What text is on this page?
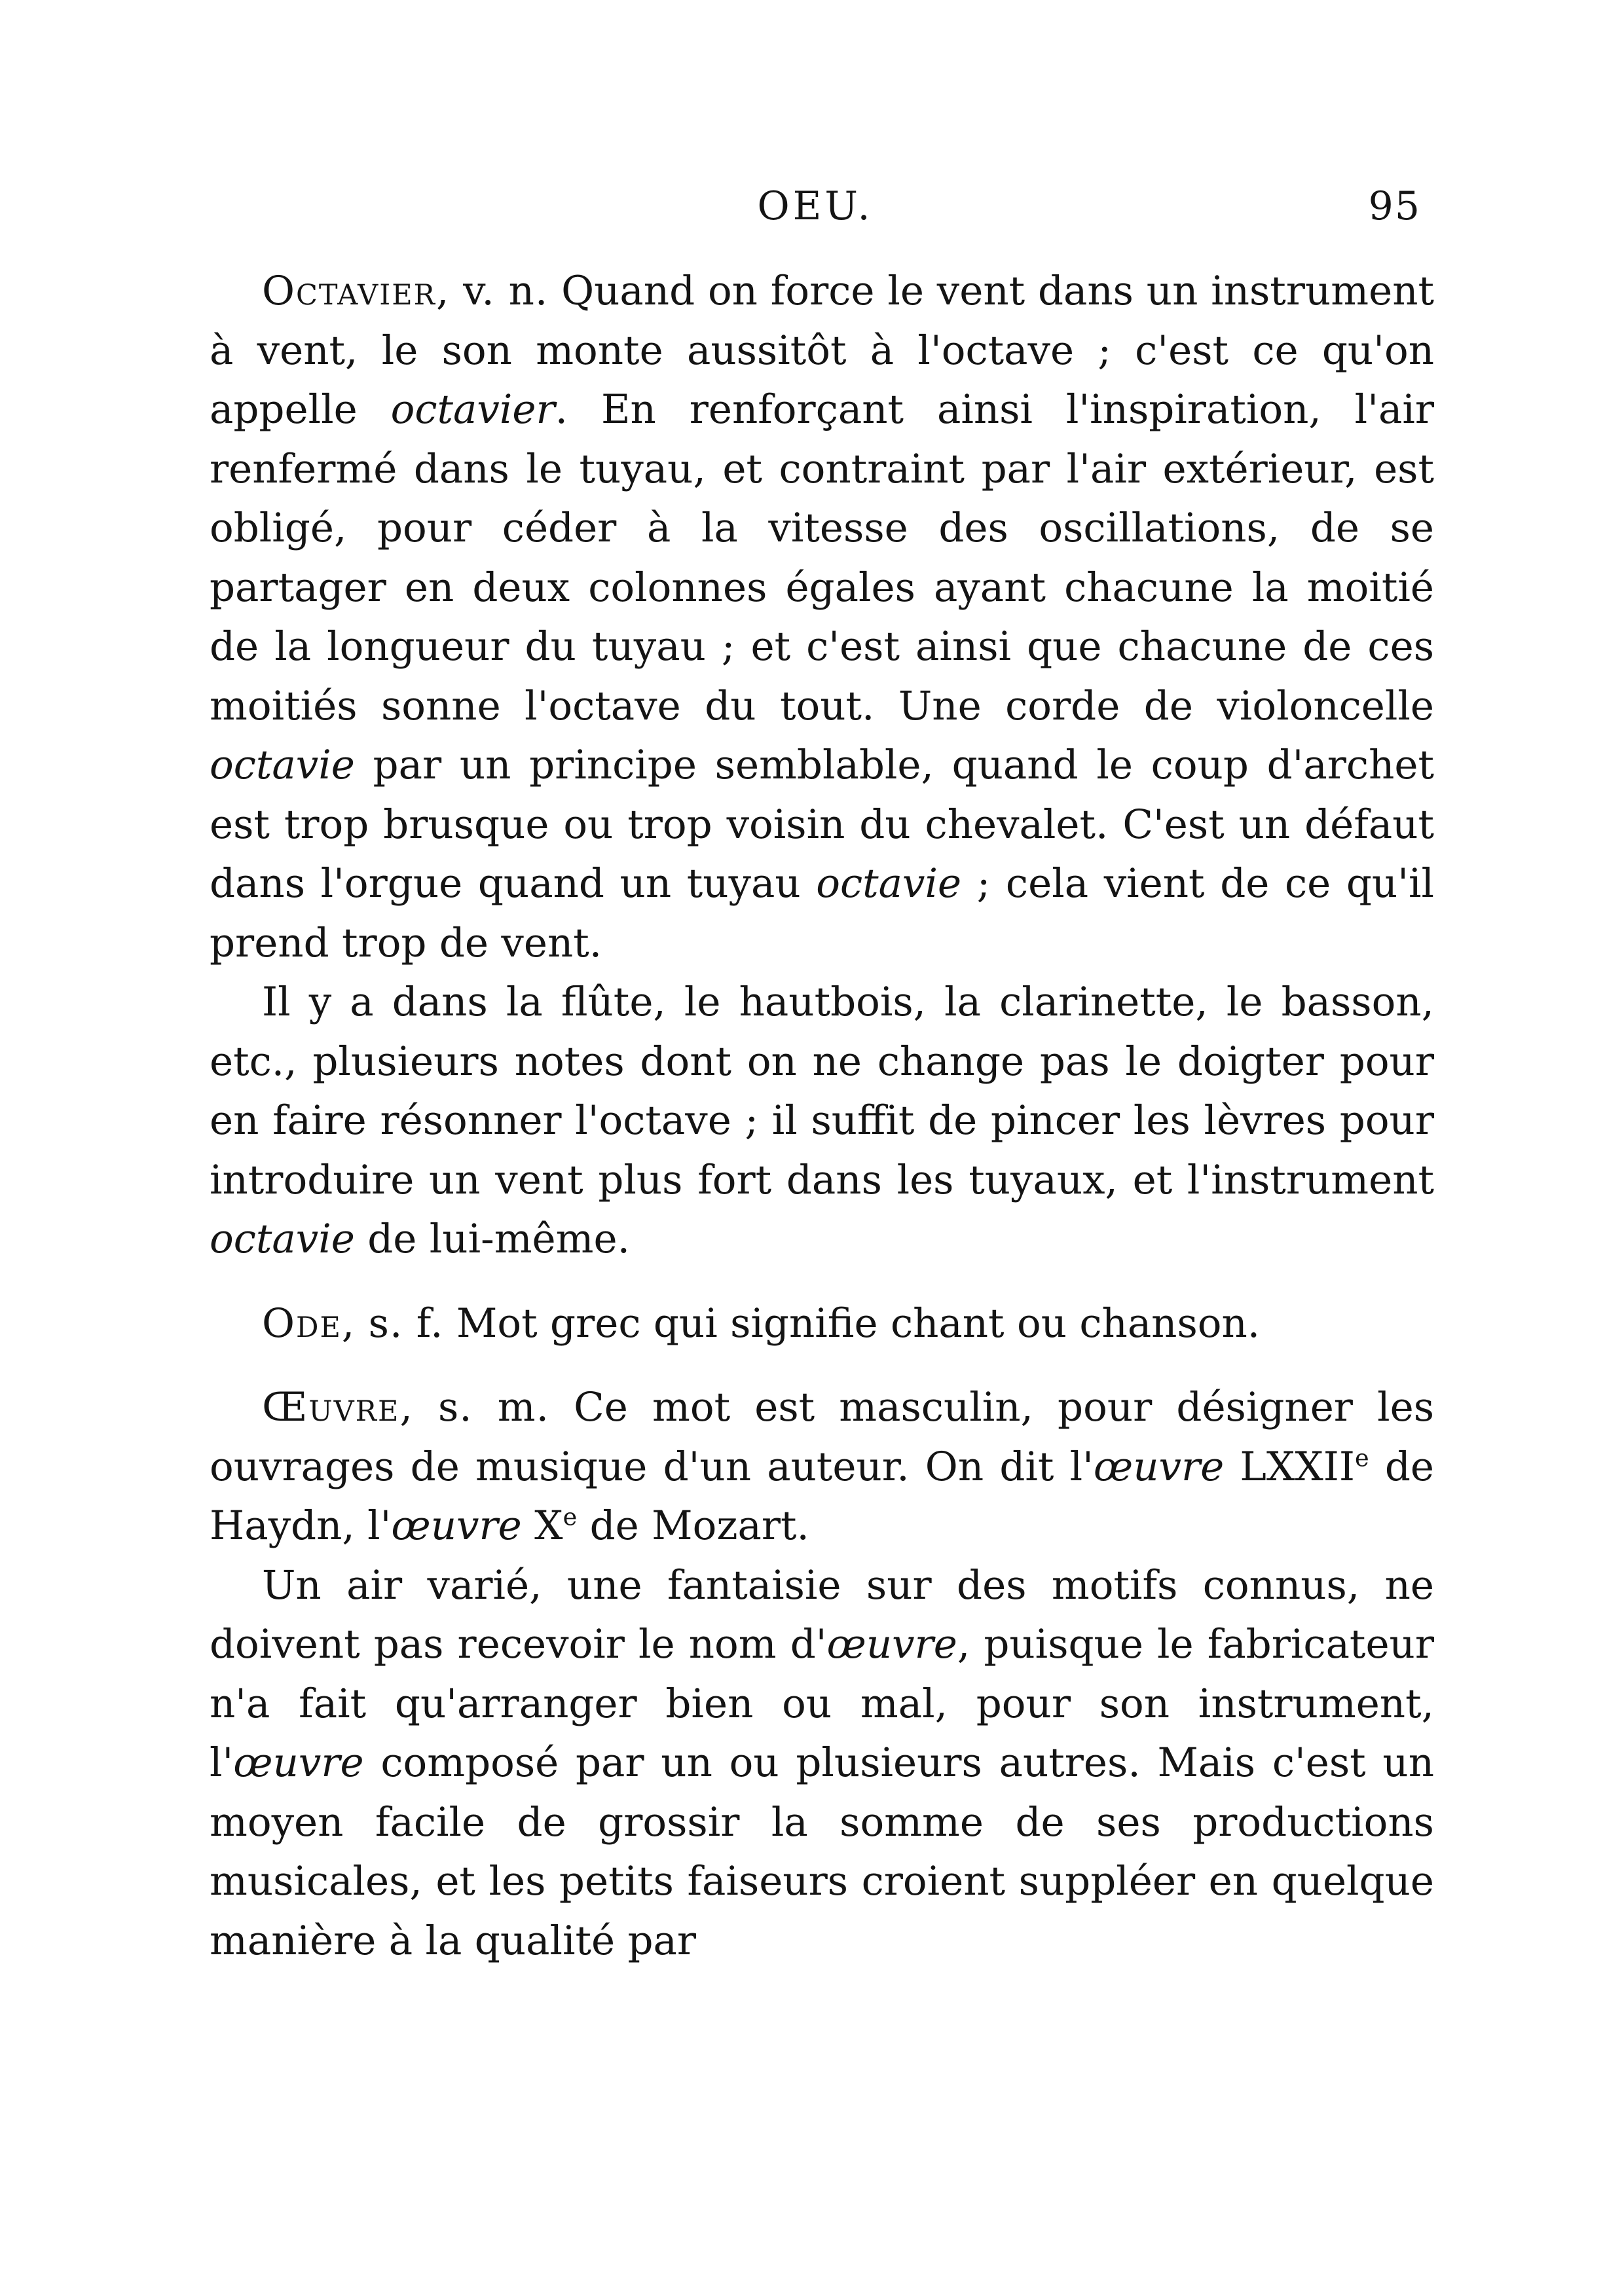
OEU.	95

Octavier, v. n. Quand on force le vent dans un instrument à vent, le son monte aussitôt à l'octave ; c'est ce qu'on appelle octavier. En renforçant ainsi l'inspiration, l'air renfermé dans le tuyau, et contraint par l'air extérieur, est obligé, pour céder à la vitesse des oscillations, de se partager en deux colonnes égales ayant chacune la moitié de la longueur du tuyau ; et c'est ainsi que chacune de ces moitiés sonne l'octave du tout. Une corde de violoncelle octavie par un principe semblable, quand le coup d'archet est trop brusque ou trop voisin du chevalet. C'est un défaut dans l'orgue quand un tuyau octavie ; cela vient de ce qu'il prend trop de vent.

Il y a dans la flûte, le hautbois, la clarinette, le basson, etc., plusieurs notes dont on ne change pas le doigter pour en faire résonner l'octave ; il suffit de pincer les lèvres pour introduire un vent plus fort dans les tuyaux, et l'instrument octavie de lui-même.

Ode, s. f. Mot grec qui signifie chant ou chanson.

Œuvre, s. m. Ce mot est masculin, pour désigner les ouvrages de musique d'un auteur. On dit l'œuvre LXXIIe de Haydn, l'œuvre Xe de Mozart.

Un air varié, une fantaisie sur des motifs connus, ne doivent pas recevoir le nom d'œuvre, puisque le fabricateur n'a fait qu'arranger bien ou mal, pour son instrument, l'œuvre composé par un ou plusieurs autres. Mais c'est un moyen facile de grossir la somme de ses productions musicales, et les petits faiseurs croient suppléer en quelque manière à la qualité par
